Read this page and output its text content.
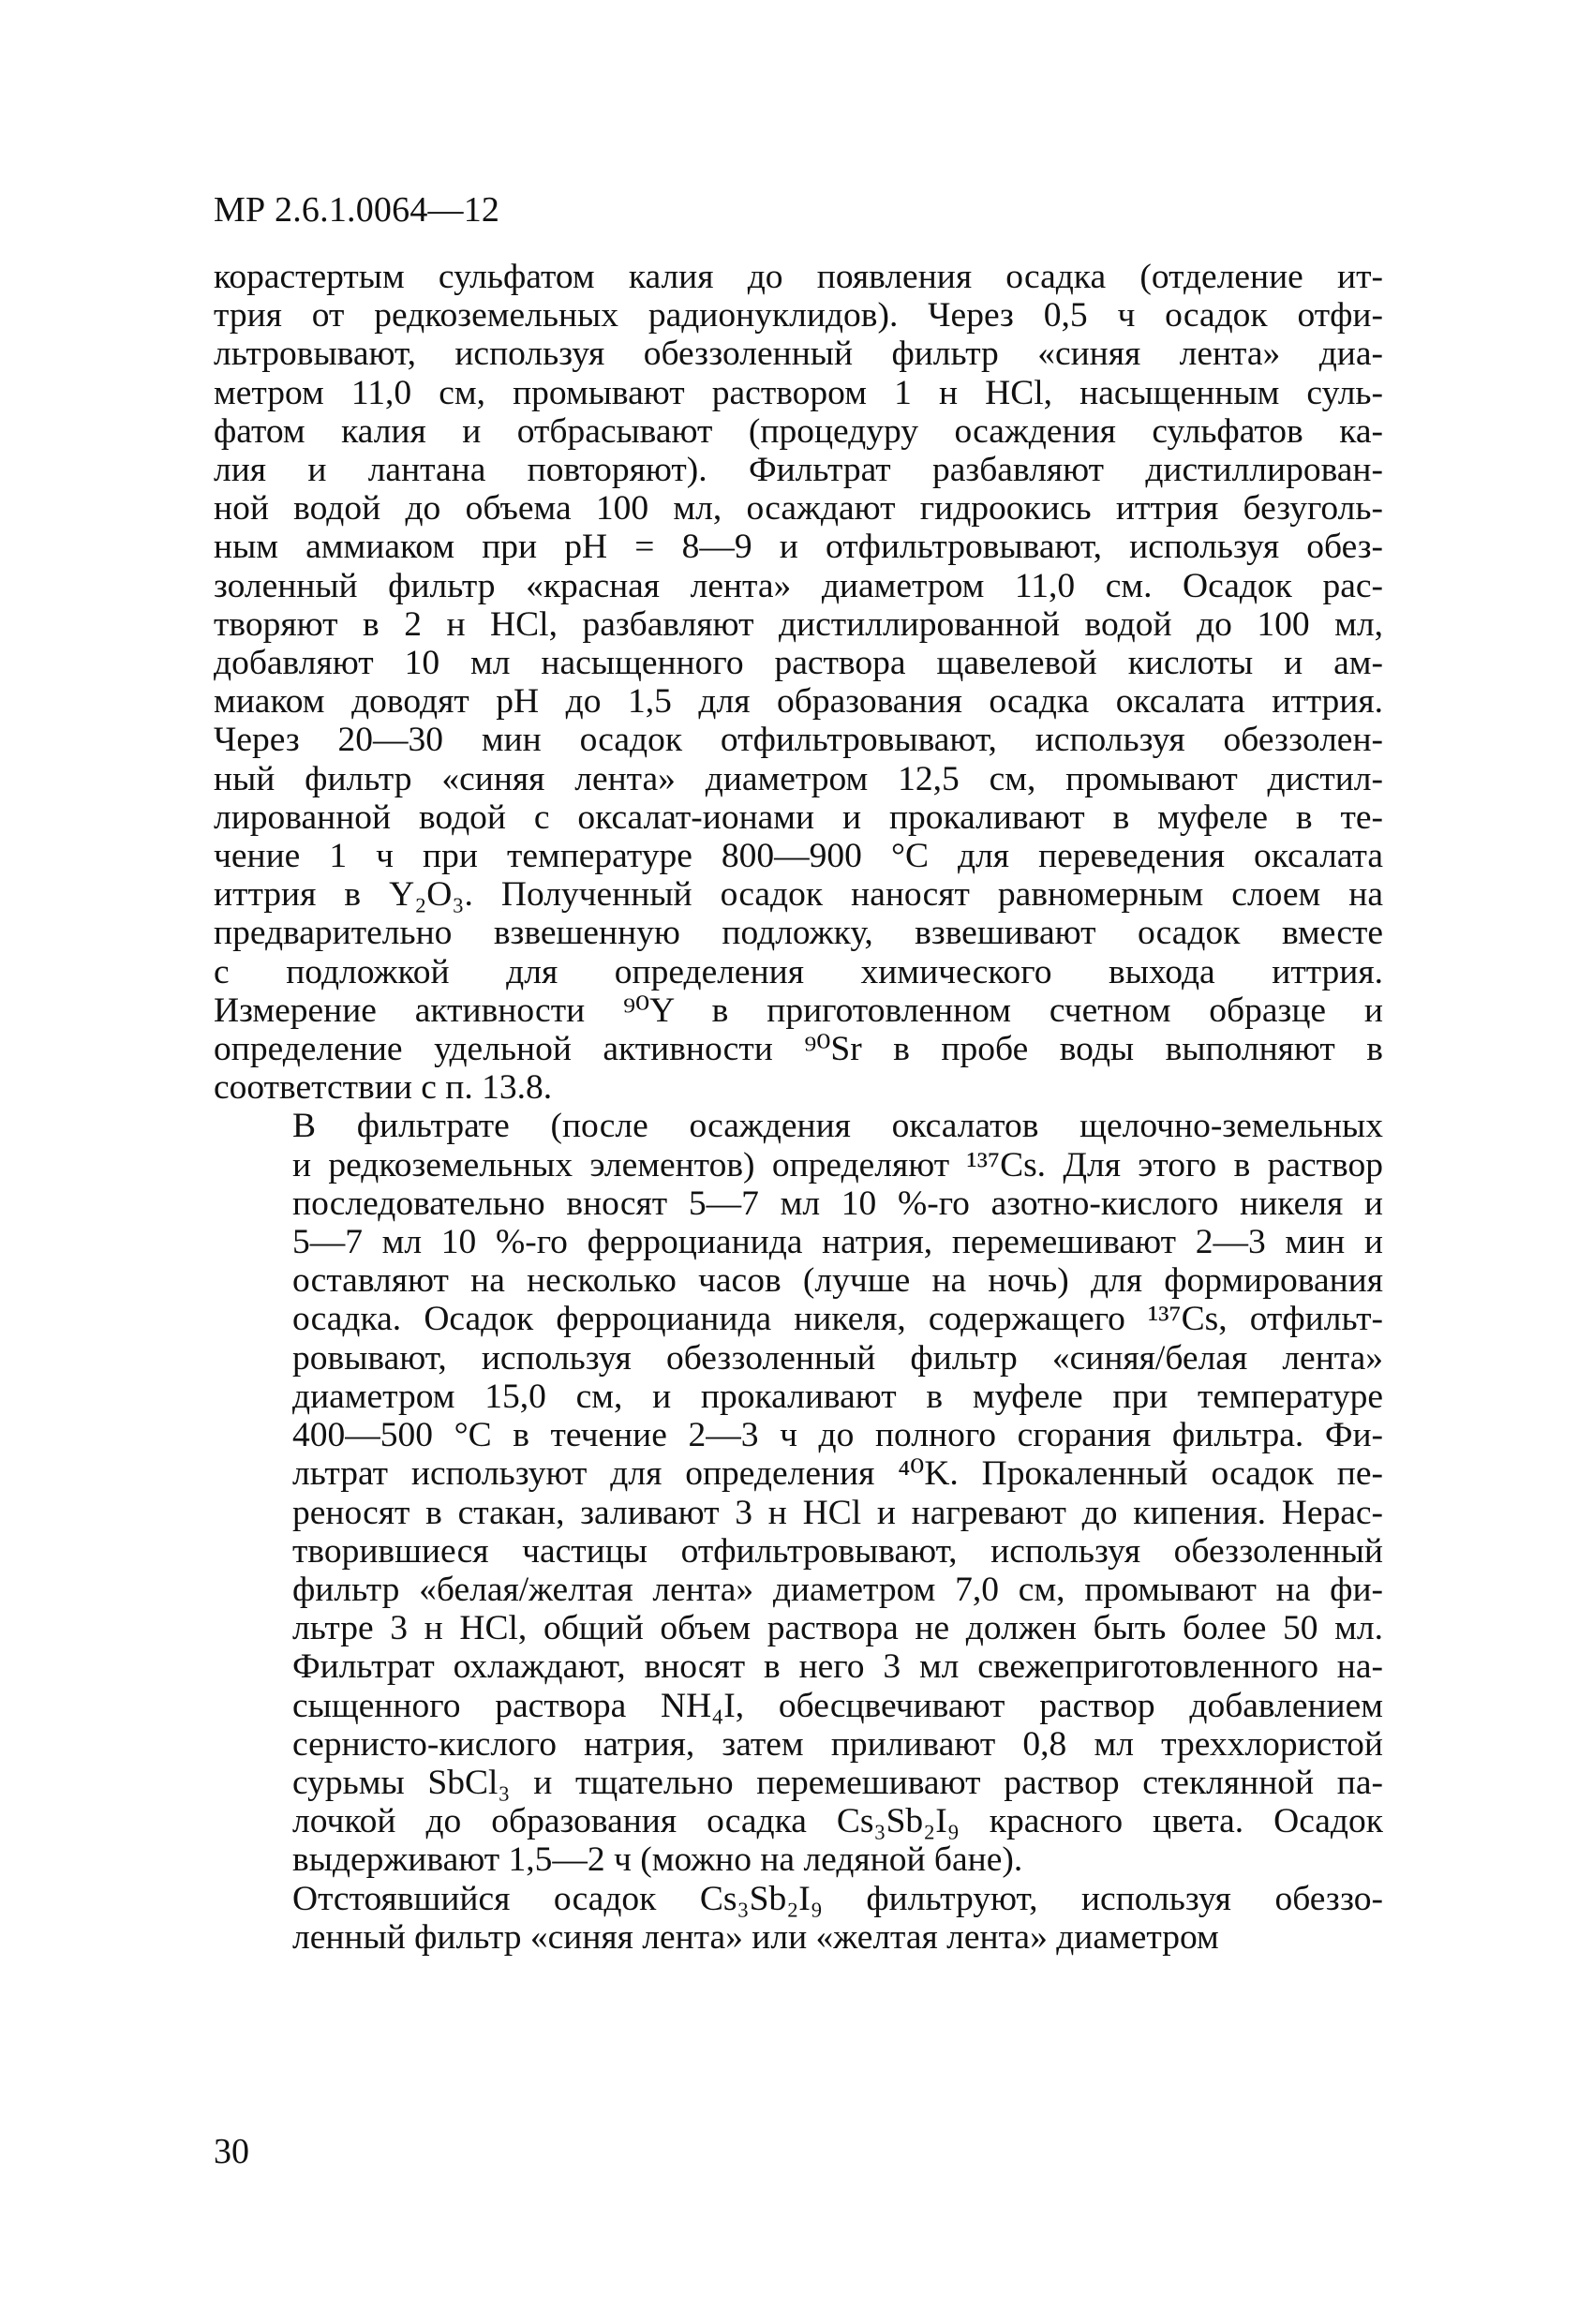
МР 2.6.1.0064—12
корастертым сульфатом калия до появления осадка (отделение ит-
трия от редкоземельных радионуклидов). Через 0,5 ч осадок отфи-
льтровывают, используя обеззоленный фильтр «синяя лента» диа-
метром 11,0 см, промывают раствором 1 н HCl, насыщенным суль-
фатом калия и отбрасывают (процедуру осаждения сульфатов ка-
лия и лантана повторяют). Фильтрат разбавляют дистиллирован-
ной водой до объема 100 мл, осаждают гидроокись иттрия безуголь-
ным аммиаком при pH = 8—9 и отфильтровывают, используя обез-
золенный фильтр «красная лента» диаметром 11,0 см. Осадок рас-
творяют в 2 н HCl, разбавляют дистиллированной водой до 100 мл,
добавляют 10 мл насыщенного раствора щавелевой кислоты и ам-
миаком доводят pH до 1,5 для образования осадка оксалата иттрия.
Через 20—30 мин осадок отфильтровывают, используя обеззолен-
ный фильтр «синяя лента» диаметром 12,5 см, промывают дистил-
лированной водой с оксалат-ионами и прокаливают в муфеле в те-
чение 1 ч при температуре 800—900 °С для переведения оксалата
иттрия в Y₂O₃. Полученный осадок наносят равномерным слоем на
предварительно взвешенную подложку, взвешивают осадок вместе
с подложкой для определения химического выхода иттрия.
Измерение активности ⁹⁰Y в приготовленном счетном образце и
определение удельной активности ⁹⁰Sr в пробе воды выполняют в
соответствии с п. 13.8.
В фильтрате (после осаждения оксалатов щелочно-земельных
и редкоземельных элементов) определяют ¹³⁷Cs. Для этого в раствор
последовательно вносят 5—7 мл 10 %-го азотно-кислого никеля и
5—7 мл 10 %-го ферроцианида натрия, перемешивают 2—3 мин и
оставляют на несколько часов (лучше на ночь) для формирования
осадка. Осадок ферроцианида никеля, содержащего ¹³⁷Cs, отфильт-
ровывают, используя обеззоленный фильтр «синяя/белая лента»
диаметром 15,0 см, и прокаливают в муфеле при температуре
400—500 °С в течение 2—3 ч до полного сгорания фильтра. Фи-
льтрат используют для определения ⁴⁰K. Прокаленный осадок пе-
реносят в стакан, заливают 3 н HCl и нагревают до кипения. Нерас-
творившиеся частицы отфильтровывают, используя обеззоленный
фильтр «белая/желтая лента» диаметром 7,0 см, промывают на фи-
льтре 3 н HCl, общий объем раствора не должен быть более 50 мл.
Фильтрат охлаждают, вносят в него 3 мл свежеприготовленного на-
сыщенного раствора NH₄I, обесцвечивают раствор добавлением
сернисто-кислого натрия, затем приливают 0,8 мл треххлористой
сурьмы SbCl₃ и тщательно перемешивают раствор стеклянной па-
лочкой до образования осадка Cs₃Sb₂I₉ красного цвета. Осадок
выдерживают 1,5—2 ч (можно на ледяной бане).
Отстоявшийся осадок Cs₃Sb₂I₉ фильтруют, используя обеззо-
ленный фильтр «синяя лента» или «желтая лента» диаметром
30
